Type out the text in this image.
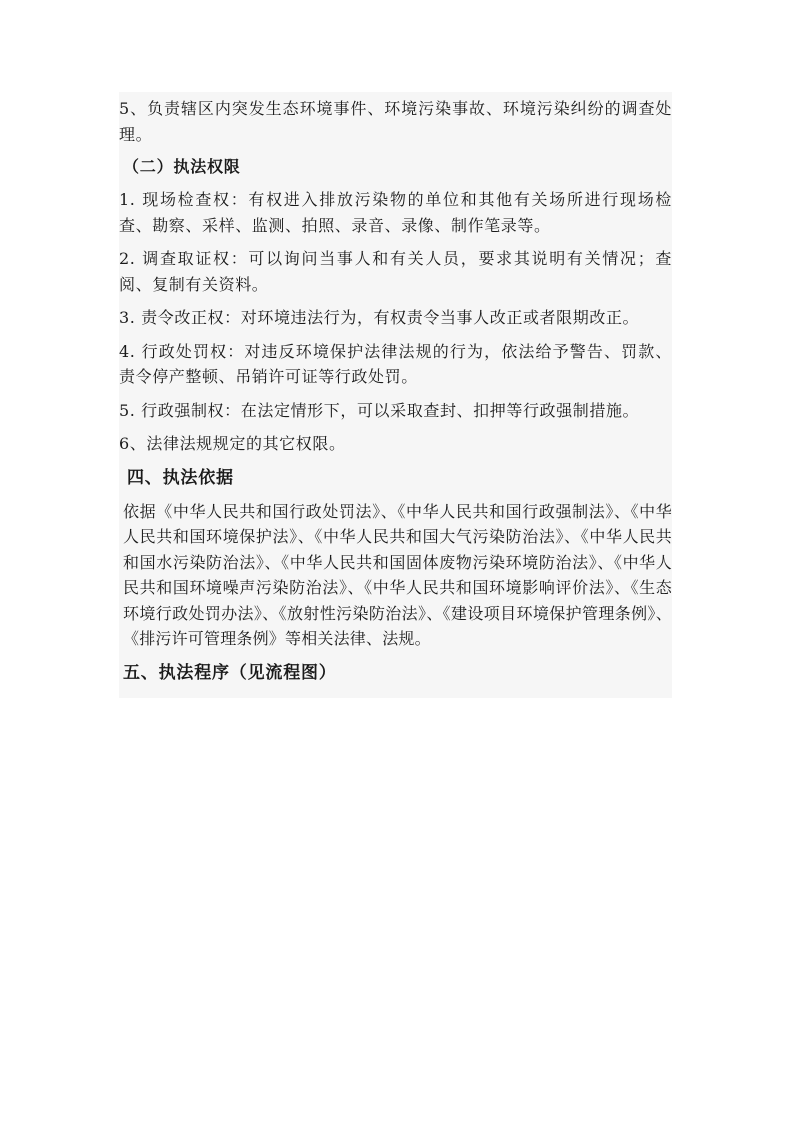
5、负责辖区内突发生态环境事件、环境污染事故、环境污染纠纷的调查处理。

（二）执法权限

1. 现场检查权：有权进入排放污染物的单位和其他有关场所进行现场检查、勘察、采样、监测、拍照、录音、录像、制作笔录等。

2. 调查取证权：可以询问当事人和有关人员，要求其说明有关情况；查阅、复制有关资料。

3. 责令改正权：对环境违法行为，有权责令当事人改正或者限期改正。

4. 行政处罚权：对违反环境保护法律法规的行为，依法给予警告、罚款、责令停产整顿、吊销许可证等行政处罚。

5. 行政强制权：在法定情形下，可以采取查封、扣押等行政强制措施。

6、法律法规规定的其它权限。

四、执法依据

依据《中华人民共和国行政处罚法》、《中华人民共和国行政强制法》、《中华人民共和国环境保护法》、《中华人民共和国大气污染防治法》、《中华人民共和国水污染防治法》、《中华人民共和国固体废物污染环境防治法》、《中华人民共和国环境噪声污染防治法》、《中华人民共和国环境影响评价法》、《生态环境行政处罚办法》、《放射性污染防治法》、《建设项目环境保护管理条例》、《排污许可管理条例》等相关法律、法规。

五、执法程序（见流程图）
